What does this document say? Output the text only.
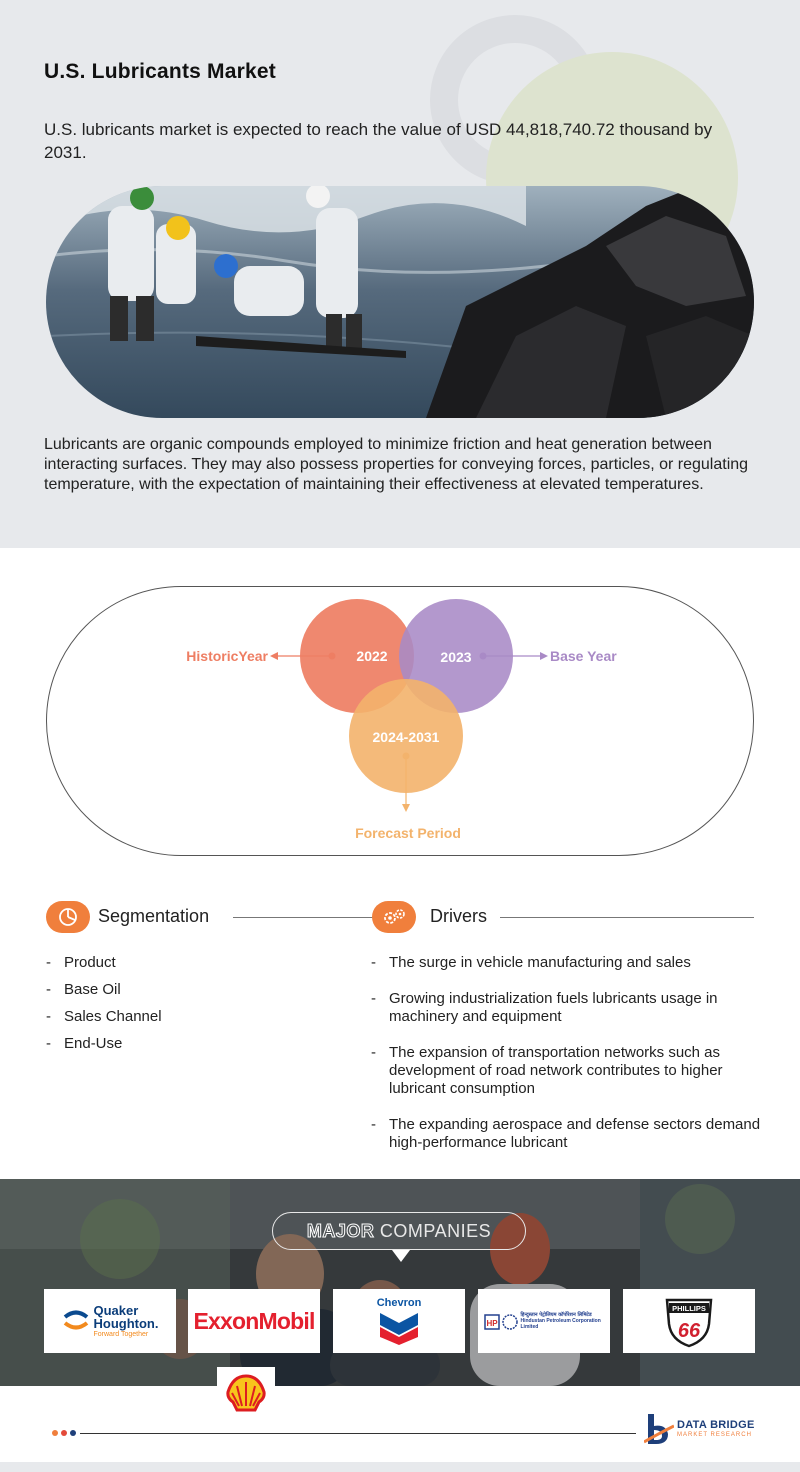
U.S. Lubricants Market
U.S. lubricants market is expected to reach the value of USD 44,818,740.72 thousand by 2031.
Lubricants are organic compounds employed to minimize friction and heat generation between interacting surfaces. They may also possess properties for conveying forces, particles, or regulating temperature, with the expectation of maintaining their effectiveness at elevated temperatures.
2022	2023
2024-2031
HistoricYear	Base Year
Forecast Period
Segmentation
- Product
- Base Oil
- Sales Channel
- End-Use
Drivers
- The surge in vehicle manufacturing and sales
- Growing industrialization fuels lubricants usage in machinery and equipment
- The expansion of transportation networks such as development of road network contributes to higher lubricant consumption
- The expanding aerospace and defense sectors demand high-performance lubricant
MAJOR COMPANIES
Quaker
Houghton.
Forward Together
ExxonMobil
Chevron
HP
हिन्दुस्तान पेट्रोलियम कॉर्पोरेशन लिमिटेड
Hindustan Petroleum Corporation Limited
PHILLIPS
66
DATA BRIDGE
MARKET RESEARCH
